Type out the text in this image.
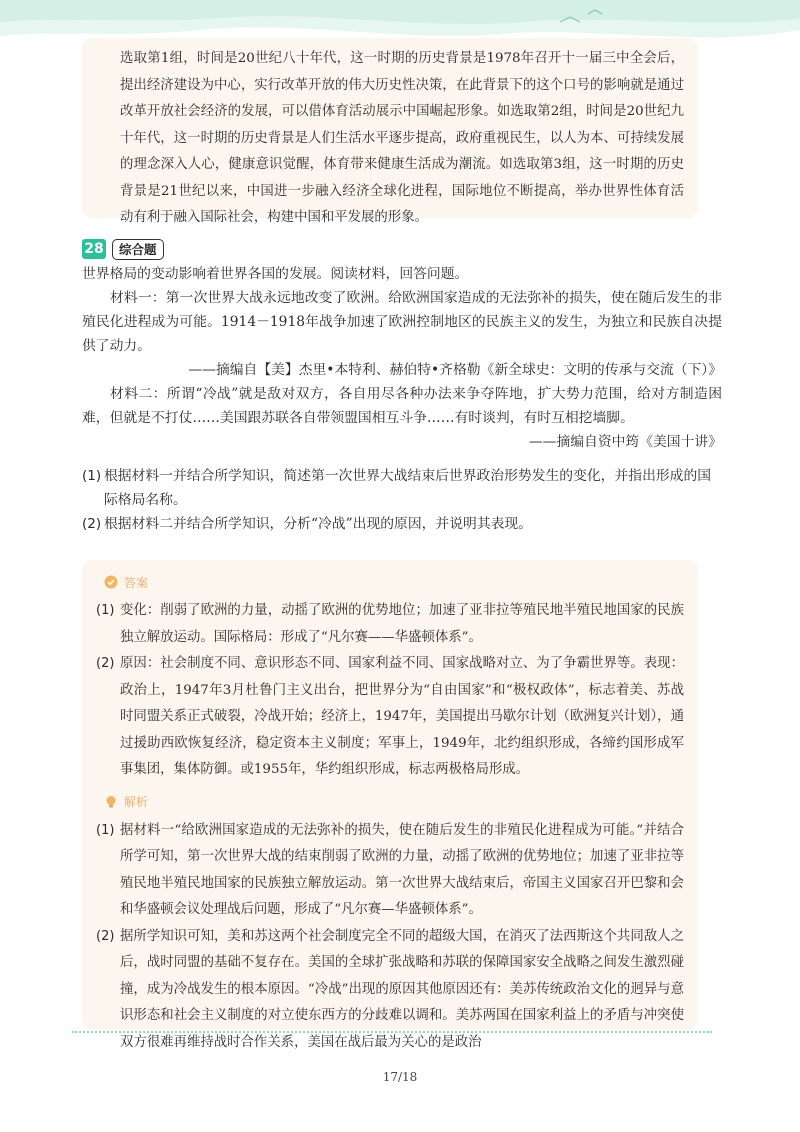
选取第1组，时间是20世纪八十年代，这一时期的历史背景是1978年召开十一届三中全会后，提出经济建设为中心，实行改革开放的伟大历史性决策，在此背景下的这个口号的影响就是通过改革开放社会经济的发展，可以借体育活动展示中国崛起形象。如选取第2组，时间是20世纪九十年代，这一时期的历史背景是人们生活水平逐步提高，政府重视民生，以人为本、可持续发展的理念深入人心，健康意识觉醒，体育带来健康生活成为潮流。如选取第3组，这一时期的历史背景是21世纪以来，中国进一步融入经济全球化进程，国际地位不断提高，举办世界性体育活动有利于融入国际社会，构建中国和平发展的形象。

28	综合题

世界格局的变动影响着世界各国的发展。阅读材料，回答问题。

材料一：第一次世界大战永远地改变了欧洲。给欧洲国家造成的无法弥补的损失，使在随后发生的非殖民化进程成为可能。1914－1918年战争加速了欧洲控制地区的民族主义的发生，为独立和民族自决提供了动力。

——摘编自【美】杰里•本特利、赫伯特•齐格勒《新全球史：文明的传承与交流（下）》

材料二：所谓“冷战”就是敌对双方，各自用尽各种办法来争夺阵地，扩大势力范围，给对方制造困难，但就是不打仗……美国跟苏联各自带领盟国相互斗争……有时谈判，有时互相挖墙脚。

——摘编自资中筠《美国十讲》

(1) 根据材料一并结合所学知识，简述第一次世界大战结束后世界政治形势发生的变化，并指出形成的国际格局名称。
(2) 根据材料二并结合所学知识，分析“冷战”出现的原因，并说明其表现。
答案
(1) 变化：削弱了欧洲的力量，动摇了欧洲的优势地位；加速了亚非拉等殖民地半殖民地国家的民族独立解放运动。国际格局：形成了“凡尔赛——华盛顿体系”。
(2) 原因：社会制度不同、意识形态不同、国家利益不同、国家战略对立、为了争霸世界等。表现：政治上，1947年3月杜鲁门主义出台，把世界分为“自由国家”和“极权政体”，标志着美、苏战时同盟关系正式破裂，冷战开始；经济上，1947年，美国提出马歇尔计划（欧洲复兴计划），通过援助西欧恢复经济，稳定资本主义制度；军事上，1949年，北约组织形成，各缔约国形成军事集团，集体防御。或1955年，华约组织形成，标志两极格局形成。
解析
(1) 据材料一“给欧洲国家造成的无法弥补的损失，使在随后发生的非殖民化进程成为可能。”并结合所学可知，第一次世界大战的结束削弱了欧洲的力量，动摇了欧洲的优势地位；加速了亚非拉等殖民地半殖民地国家的民族独立解放运动。第一次世界大战结束后，帝国主义国家召开巴黎和会和华盛顿会议处理战后问题，形成了“凡尔赛—华盛顿体系”。
(2) 据所学知识可知，美和苏这两个社会制度完全不同的超级大国，在消灭了法西斯这个共同敌人之后，战时同盟的基础不复存在。美国的全球扩张战略和苏联的保障国家安全战略之间发生激烈碰撞，成为冷战发生的根本原因。“冷战”出现的原因其他原因还有：美苏传统政治文化的迥异与意识形态和社会主义制度的对立使东西方的分歧难以调和。美苏两国在国家利益上的矛盾与冲突使双方很难再维持战时合作关系，美国在战后最为关心的是政治
17/18
